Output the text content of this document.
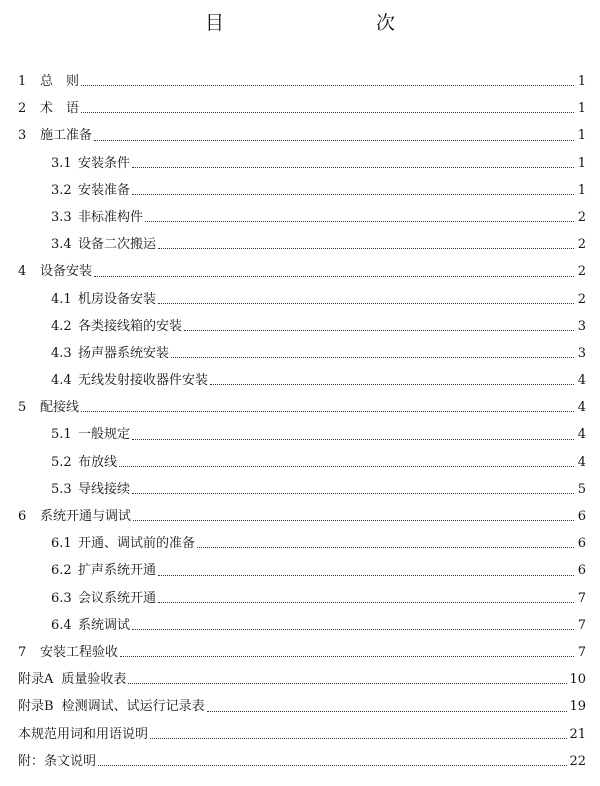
目　　次
1	总　则	1
2	术　语	1
3	施工准备	1
3.1 安装条件	1
3.2 安装准备	1
3.3 非标准构件	2
3.4 设备二次搬运	2
4	设备安装	2
4.1 机房设备安装	2
4.2 各类接线箱的安装	3
4.3 扬声器系统安装	3
4.4 无线发射接收器件安装	4
5	配接线	4
5.1 一般规定	4
5.2 布放线	4
5.3 导线接续	5
6	系统开通与调试	6
6.1 开通、调试前的准备	6
6.2 扩声系统开通	6
6.3 会议系统开通	7
6.4 系统调试	7
7	安装工程验收	7
附录A 质量验收表	10
附录B 检测调试、试运行记录表	19
本规范用词和用语说明	21
附：条文说明	22
